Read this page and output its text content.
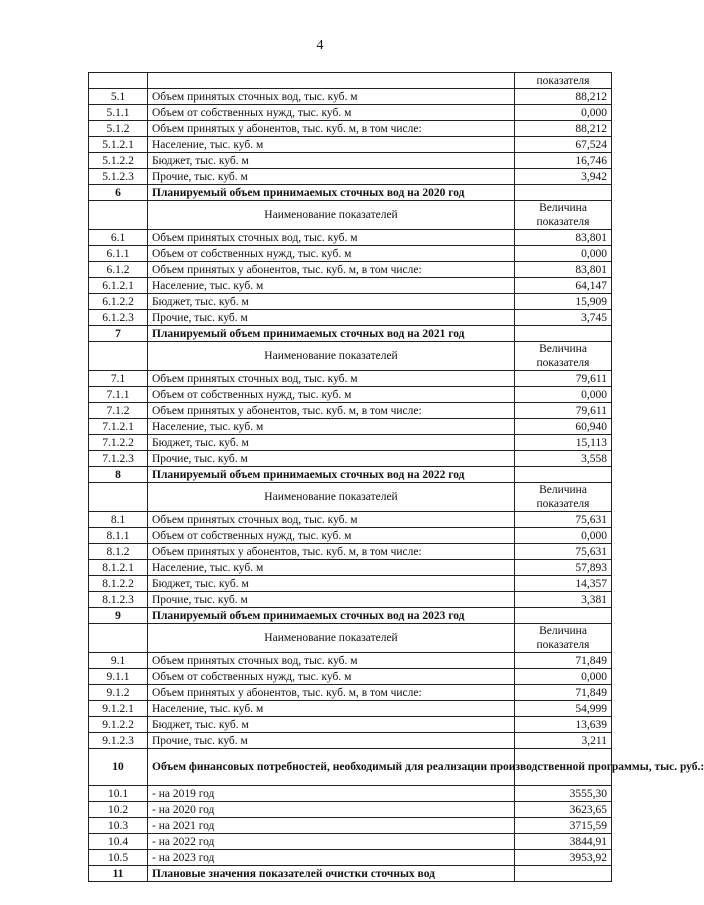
4
		показателя
5.1	Объем принятых сточных вод, тыс. куб. м	88,212
5.1.1	Объем от собственных нужд, тыс. куб. м	0,000
5.1.2	Объем принятых у абонентов, тыс. куб. м, в том числе:	88,212
5.1.2.1	Население, тыс. куб. м	67,524
5.1.2.2	Бюджет, тыс. куб. м	16,746
5.1.2.3	Прочие, тыс. куб. м	3,942
6	Планируемый объем принимаемых сточных вод на 2020 год	
	Наименование показателей	Величина
показателя

6.1	Объем принятых сточных вод, тыс. куб. м	83,801
6.1.1	Объем от собственных нужд, тыс. куб. м	0,000
6.1.2	Объем принятых у абонентов, тыс. куб. м, в том числе:	83,801
6.1.2.1	Население, тыс. куб. м	64,147
6.1.2.2	Бюджет, тыс. куб. м	15,909
6.1.2.3	Прочие, тыс. куб. м	3,745
7	Планируемый объем принимаемых сточных вод на 2021 год	
	Наименование показателей	Величина
показателя

7.1	Объем принятых сточных вод, тыс. куб. м	79,611
7.1.1	Объем от собственных нужд, тыс. куб. м	0,000
7.1.2	Объем принятых у абонентов, тыс. куб. м, в том числе:	79,611
7.1.2.1	Население, тыс. куб. м	60,940
7.1.2.2	Бюджет, тыс. куб. м	15,113
7.1.2.3	Прочие, тыс. куб. м	3,558
8	Планируемый объем принимаемых сточных вод на 2022 год	
	Наименование показателей	Величина
показателя

8.1	Объем принятых сточных вод, тыс. куб. м	75,631
8.1.1	Объем от собственных нужд, тыс. куб. м	0,000
8.1.2	Объем принятых у абонентов, тыс. куб. м, в том числе:	75,631
8.1.2.1	Население, тыс. куб. м	57,893
8.1.2.2	Бюджет, тыс. куб. м	14,357
8.1.2.3	Прочие, тыс. куб. м	3,381
9	Планируемый объем принимаемых сточных вод на 2023 год	
	Наименование показателей	Величина
показателя

9.1	Объем принятых сточных вод, тыс. куб. м	71,849
9.1.1	Объем от собственных нужд, тыс. куб. м	0,000
9.1.2	Объем принятых у абонентов, тыс. куб. м, в том числе:	71,849
9.1.2.1	Население, тыс. куб. м	54,999
9.1.2.2	Бюджет, тыс. куб. м	13,639
9.1.2.3	Прочие, тыс. куб. м	3,211
10	Объем финансовых потребностей, необходимый для реализации производственной программы, тыс. руб.:	
10.1	- на 2019 год	3555,30
10.2	- на 2020 год	3623,65
10.3	- на 2021 год	3715,59
10.4	- на 2022 год	3844,91
10.5	- на 2023 год	3953,92
11	Плановые значения показателей очистки сточных вод	
